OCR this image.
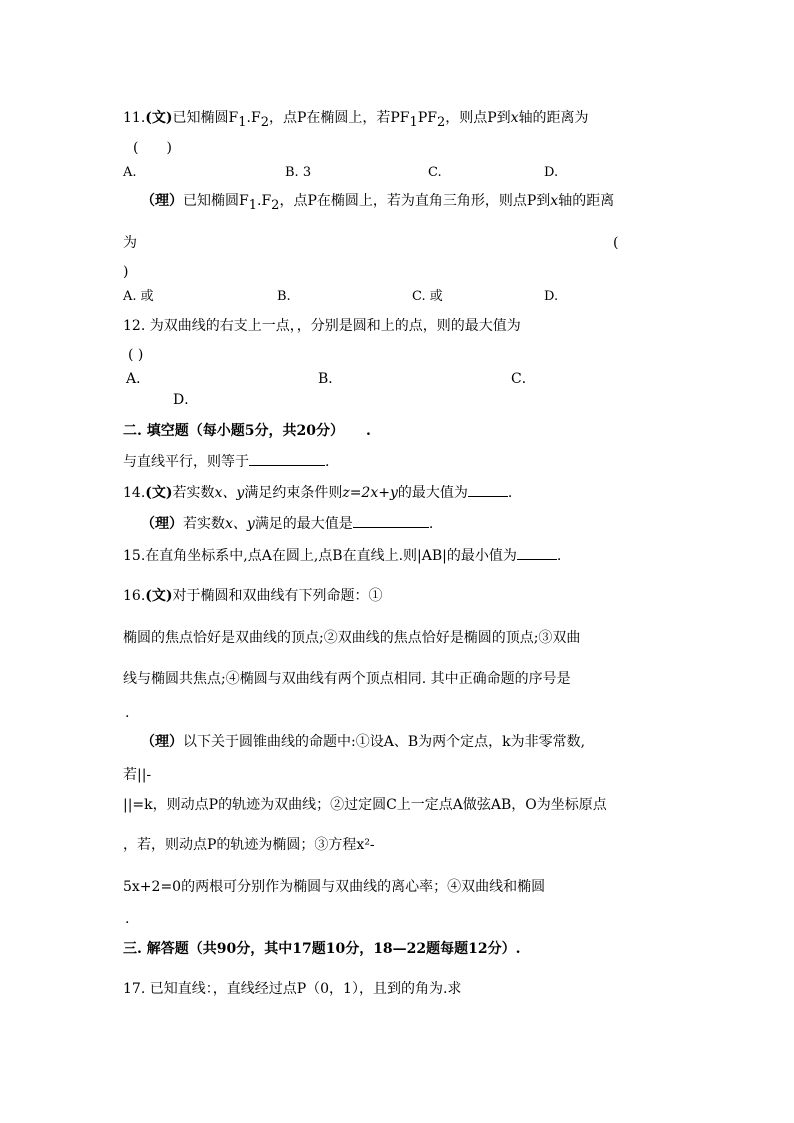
11.(文)已知椭圆$F_1.F_2$，点P在椭圆上，若$PF_1PF_2$，则点P到x轴的距离为
(　　)
A.	B. 3	C.	D.
（理）已知椭圆$F_1.F_2$，点P在椭圆上，若为直角三角形，则点P到x轴的距离
为	(
)
A. 或	B.	C. 或	D.
12. 为双曲线的右支上一点，，分别是圆和上的点，则的最大值为
( )
A．	B．	C．
D．
二. 填空题（每小题5分，共20分） .
与直线平行，则等于	.
14.(文)若实数x、y满足约束条件则z=2x+y的最大值为	.
（理）若实数x、y满足的最大值是	.
15.在直角坐标系中,点A在圆上,点B在直线上.则|AB|的最小值为	.
16.(文)对于椭圆和双曲线有下列命题：①
椭圆的焦点恰好是双曲线的顶点;②双曲线的焦点恰好是椭圆的顶点;③双曲
线与椭圆共焦点;④椭圆与双曲线有两个顶点相同. 其中正确命题的序号是
.
（理）以下关于圆锥曲线的命题中:①设A、B为两个定点，k为非零常数,
若||-
||=k，则动点P的轨迹为双曲线；②过定圆C上一定点A做弦AB，O为坐标原点
，若，则动点P的轨迹为椭圆；③方程x²-
5x+2=0的两根可分别作为椭圆与双曲线的离心率；④双曲线和椭圆
.
三. 解答题（共90分，其中17题10分，18—22题每题12分）.
17. 已知直线：，直线经过点P（0，1），且到的角为.求
